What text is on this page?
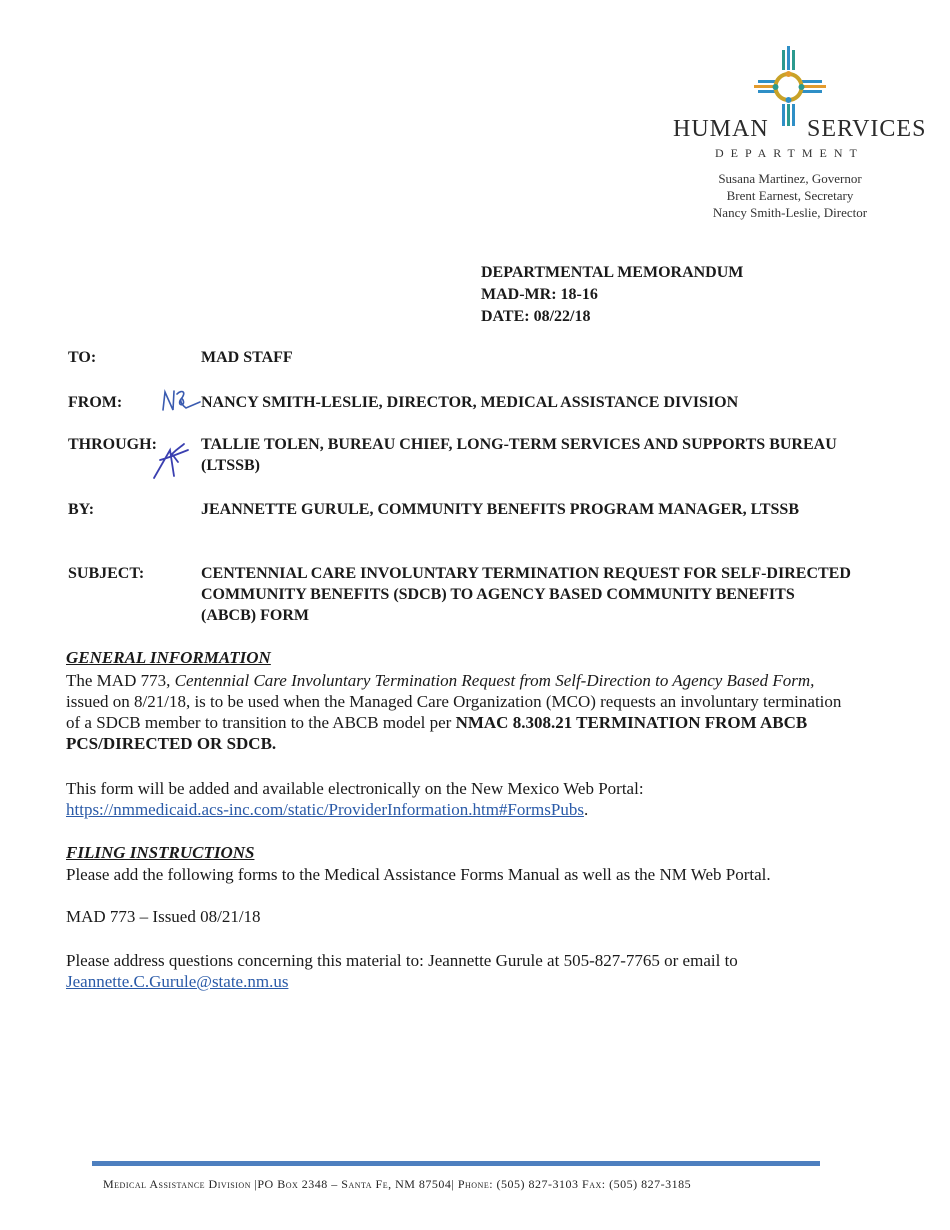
HUMAN SERVICES
DEPARTMENT
Susana Martinez, Governor
Brent Earnest, Secretary
Nancy Smith-Leslie, Director
DEPARTMENTAL MEMORANDUM
MAD-MR: 18-16
DATE: 08/22/18
TO:	MAD STAFF
FROM:	NANCY SMITH-LESLIE, DIRECTOR, MEDICAL ASSISTANCE DIVISION
THROUGH:	TALLIE TOLEN, BUREAU CHIEF, LONG-TERM SERVICES AND SUPPORTS BUREAU (LTSSB)
BY:	JEANNETTE GURULE, COMMUNITY BENEFITS PROGRAM MANAGER, LTSSB
SUBJECT:	CENTENNIAL CARE INVOLUNTARY TERMINATION REQUEST FOR SELF-DIRECTED COMMUNITY BENEFITS (SDCB) TO AGENCY BASED COMMUNITY BENEFITS (ABCB) FORM
GENERAL INFORMATION
The MAD 773, Centennial Care Involuntary Termination Request from Self-Direction to Agency Based Form, issued on 8/21/18, is to be used when the Managed Care Organization (MCO) requests an involuntary termination of a SDCB member to transition to the ABCB model per NMAC 8.308.21 TERMINATION FROM ABCB PCS/DIRECTED OR SDCB.
This form will be added and available electronically on the New Mexico Web Portal:
https://nmmedicaid.acs-inc.com/static/ProviderInformation.htm#FormsPubs.
FILING INSTRUCTIONS
Please add the following forms to the Medical Assistance Forms Manual as well as the NM Web Portal.
MAD 773 – Issued 08/21/18
Please address questions concerning this material to: Jeannette Gurule at 505-827-7765 or email to
Jeannette.C.Gurule@state.nm.us
Medical Assistance Division |PO Box 2348 – Santa Fe, NM 87504| Phone: (505) 827-3103 Fax: (505) 827-3185
